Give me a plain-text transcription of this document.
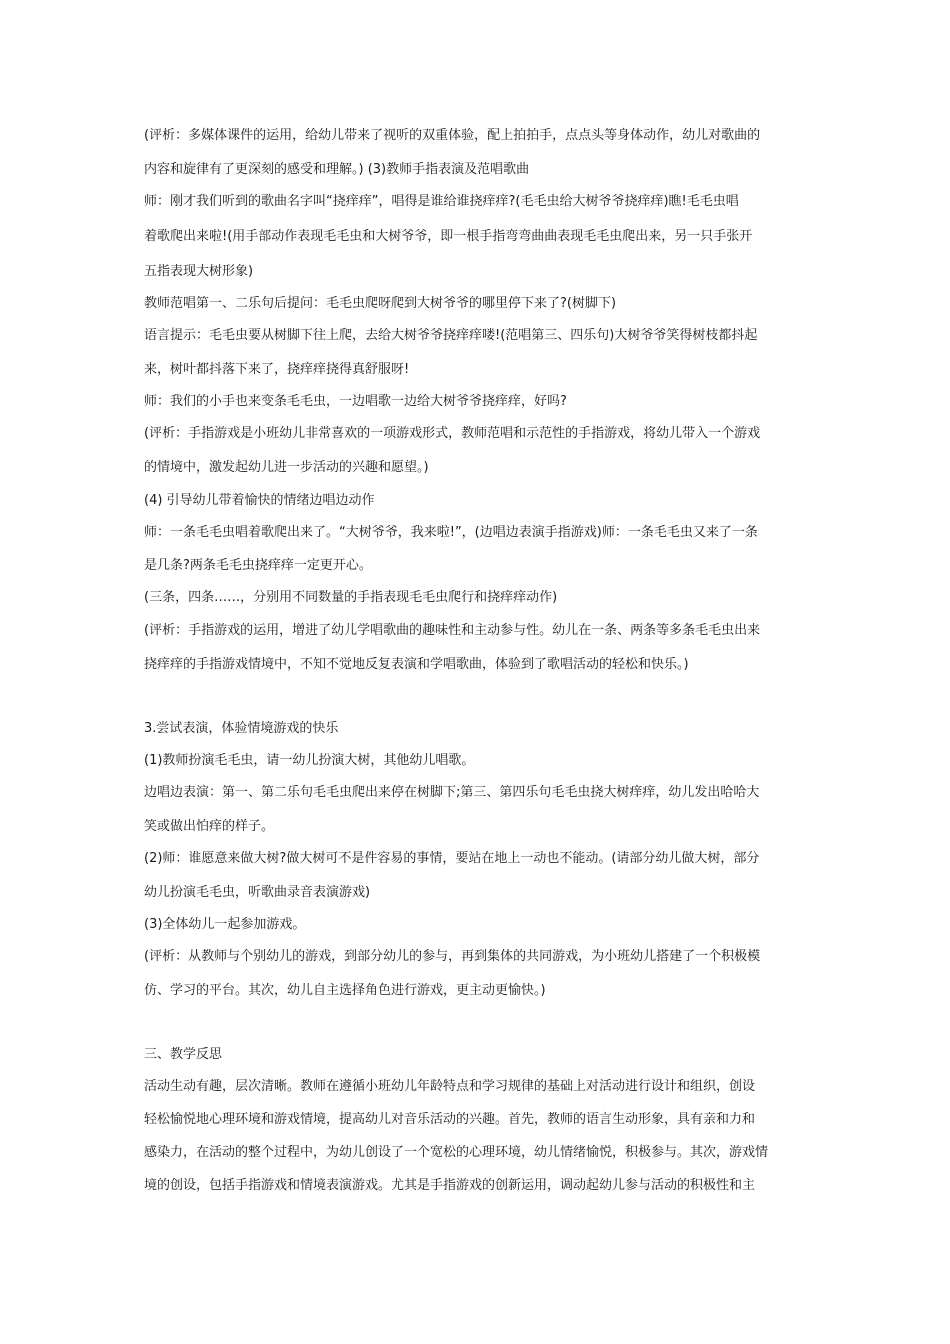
(评析：多媒体课件的运用，给幼儿带来了视听的双重体验，配上拍拍手，点点头等身体动作，幼儿对歌曲的
内容和旋律有了更深刻的感受和理解。) (3)教师手指表演及范唱歌曲
师：刚才我们听到的歌曲名字叫“挠痒痒”，唱得是谁给谁挠痒痒?(毛毛虫给大树爷爷挠痒痒)瞧!毛毛虫唱
着歌爬出来啦!(用手部动作表现毛毛虫和大树爷爷，即一根手指弯弯曲曲表现毛毛虫爬出来，另一只手张开
五指表现大树形象)
教师范唱第一、二乐句后提问：毛毛虫爬呀爬到大树爷爷的哪里停下来了?(树脚下)
语言提示：毛毛虫要从树脚下往上爬，去给大树爷爷挠痒痒喽!(范唱第三、四乐句)大树爷爷笑得树枝都抖起
来，树叶都抖落下来了，挠痒痒挠得真舒服呀!
师：我们的小手也来变条毛毛虫，一边唱歌一边给大树爷爷挠痒痒，好吗?
(评析：手指游戏是小班幼儿非常喜欢的一项游戏形式，教师范唱和示范性的手指游戏，将幼儿带入一个游戏
的情境中，激发起幼儿进一步活动的兴趣和愿望。)
(4) 引导幼儿带着愉快的情绪边唱边动作
师：一条毛毛虫唱着歌爬出来了。“大树爷爷，我来啦!”，(边唱边表演手指游戏)师：一条毛毛虫又来了一条
是几条?两条毛毛虫挠痒痒一定更开心。
(三条，四条……，分别用不同数量的手指表现毛毛虫爬行和挠痒痒动作)
(评析：手指游戏的运用，增进了幼儿学唱歌曲的趣味性和主动参与性。幼儿在一条、两条等多条毛毛虫出来
挠痒痒的手指游戏情境中，不知不觉地反复表演和学唱歌曲，体验到了歌唱活动的轻松和快乐。)
3.尝试表演，体验情境游戏的快乐
(1)教师扮演毛毛虫，请一幼儿扮演大树，其他幼儿唱歌。
边唱边表演：第一、第二乐句毛毛虫爬出来停在树脚下;第三、第四乐句毛毛虫挠大树痒痒，幼儿发出哈哈大
笑或做出怕痒的样子。
(2)师：谁愿意来做大树?做大树可不是件容易的事情，要站在地上一动也不能动。(请部分幼儿做大树，部分
幼儿扮演毛毛虫，听歌曲录音表演游戏)
(3)全体幼儿一起参加游戏。
(评析：从教师与个别幼儿的游戏，到部分幼儿的参与，再到集体的共同游戏，为小班幼儿搭建了一个积极模
仿、学习的平台。其次，幼儿自主选择角色进行游戏，更主动更愉快。)
三、教学反思
活动生动有趣，层次清晰。教师在遵循小班幼儿年龄特点和学习规律的基础上对活动进行设计和组织，创设
轻松愉悦地心理环境和游戏情境，提高幼儿对音乐活动的兴趣。首先，教师的语言生动形象，具有亲和力和
感染力，在活动的整个过程中，为幼儿创设了一个宽松的心理环境，幼儿情绪愉悦，积极参与。其次，游戏情
境的创设，包括手指游戏和情境表演游戏。尤其是手指游戏的创新运用，调动起幼儿参与活动的积极性和主
